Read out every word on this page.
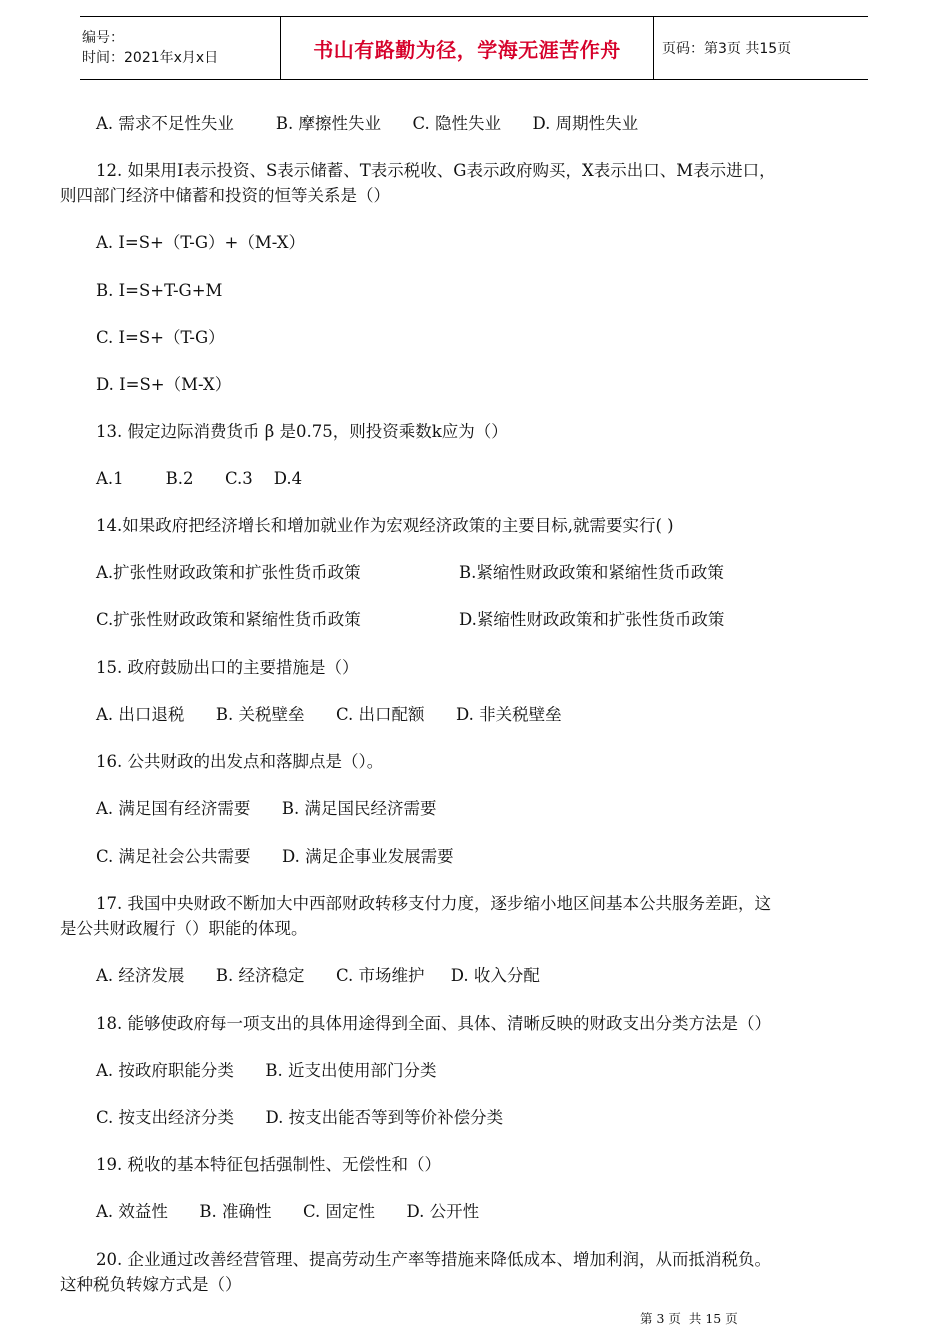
编号：
时间：2021年x月x日	书山有路勤为径，学海无涯苦作舟	页码：第3页 共15页
A. 需求不足性失业        B. 摩擦性失业      C. 隐性失业      D. 周期性失业
12. 如果用I表示投资、S表示储蓄、T表示税收、G表示政府购买，X表示出口、M表示进口，
则四部门经济中储蓄和投资的恒等关系是（）
A. I=S+（T-G）+（M-X）
B. I=S+T-G+M
C. I=S+（T-G）
D. I=S+（M-X）
13. 假定边际消费货币 β 是0.75，则投资乘数k应为（）
A.1        B.2      C.3    D.4
14.如果政府把经济增长和增加就业作为宏观经济政策的主要目标,就需要实行( )
A.扩张性财政政策和扩张性货币政策	B.紧缩性财政政策和紧缩性货币政策
C.扩张性财政政策和紧缩性货币政策	D.紧缩性财政政策和扩张性货币政策
15. 政府鼓励出口的主要措施是（）
A. 出口退税      B. 关税壁垒      C. 出口配额      D. 非关税壁垒
16. 公共财政的出发点和落脚点是（）。
A. 满足国有经济需要      B. 满足国民经济需要
C. 满足社会公共需要      D. 满足企事业发展需要
17. 我国中央财政不断加大中西部财政转移支付力度，逐步缩小地区间基本公共服务差距，这
是公共财政履行（）职能的体现。
A. 经济发展      B. 经济稳定      C. 市场维护     D. 收入分配
18. 能够使政府每一项支出的具体用途得到全面、具体、清晰反映的财政支出分类方法是（）
A. 按政府职能分类      B. 近支出使用部门分类
C. 按支出经济分类      D. 按支出能否等到等价补偿分类
19. 税收的基本特征包括强制性、无偿性和（）
A. 效益性      B. 准确性      C. 固定性      D. 公开性
20. 企业通过改善经营管理、提高劳动生产率等措施来降低成本、增加利润，从而抵消税负。
这种税负转嫁方式是（）
第 3 页  共 15 页
